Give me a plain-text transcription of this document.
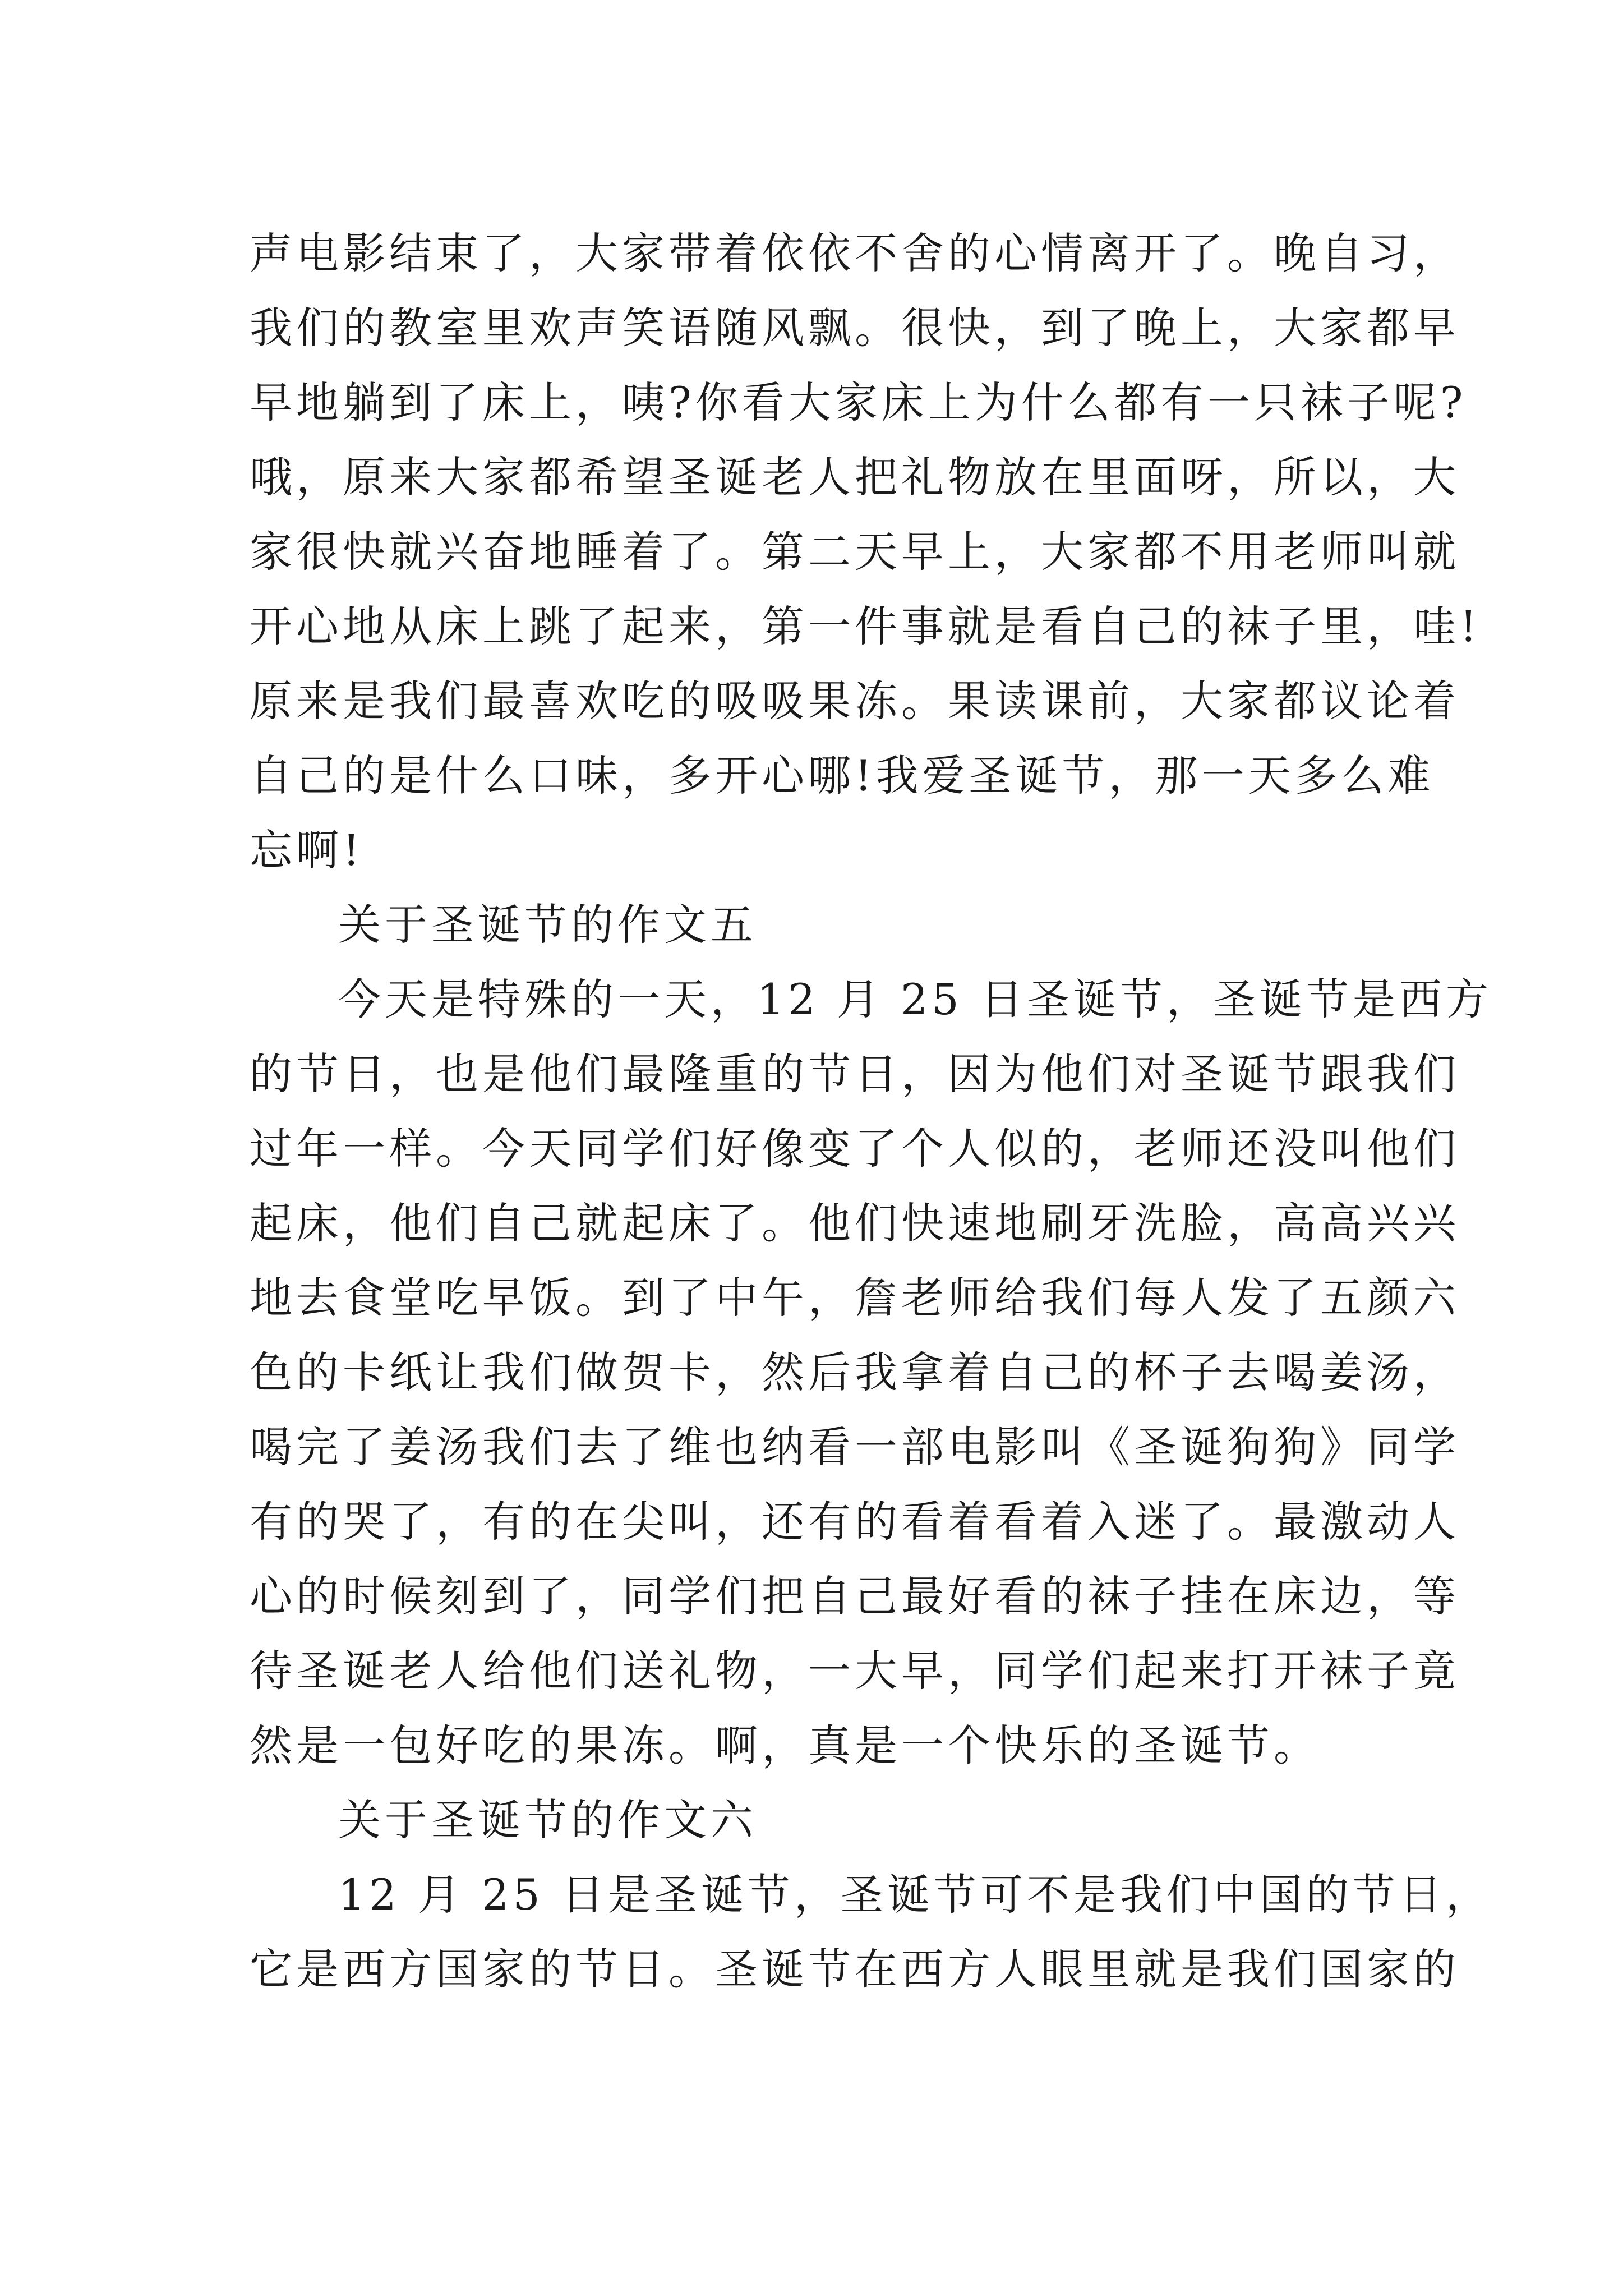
声电影结束了，大家带着依依不舍的心情离开了。晚自习，
我们的教室里欢声笑语随风飘。很快，到了晚上，大家都早
早地躺到了床上，咦?你看大家床上为什么都有一只袜子呢?
哦，原来大家都希望圣诞老人把礼物放在里面呀，所以，大
家很快就兴奋地睡着了。第二天早上，大家都不用老师叫就
开心地从床上跳了起来，第一件事就是看自己的袜子里，哇!
原来是我们最喜欢吃的吸吸果冻。果读课前，大家都议论着
自己的是什么口味，多开心哪!我爱圣诞节，那一天多么难
忘啊!
关于圣诞节的作文五
今天是特殊的一天，12 月 25 日圣诞节，圣诞节是西方
的节日，也是他们最隆重的节日，因为他们对圣诞节跟我们
过年一样。今天同学们好像变了个人似的，老师还没叫他们
起床，他们自己就起床了。他们快速地刷牙洗脸，高高兴兴
地去食堂吃早饭。到了中午，詹老师给我们每人发了五颜六
色的卡纸让我们做贺卡，然后我拿着自己的杯子去喝姜汤，
喝完了姜汤我们去了维也纳看一部电影叫《圣诞狗狗》同学
有的哭了，有的在尖叫，还有的看着看着入迷了。最激动人
心的时候刻到了，同学们把自己最好看的袜子挂在床边，等
待圣诞老人给他们送礼物，一大早，同学们起来打开袜子竟
然是一包好吃的果冻。啊，真是一个快乐的圣诞节。
关于圣诞节的作文六
12 月 25 日是圣诞节，圣诞节可不是我们中国的节日，
它是西方国家的节日。圣诞节在西方人眼里就是我们国家的
